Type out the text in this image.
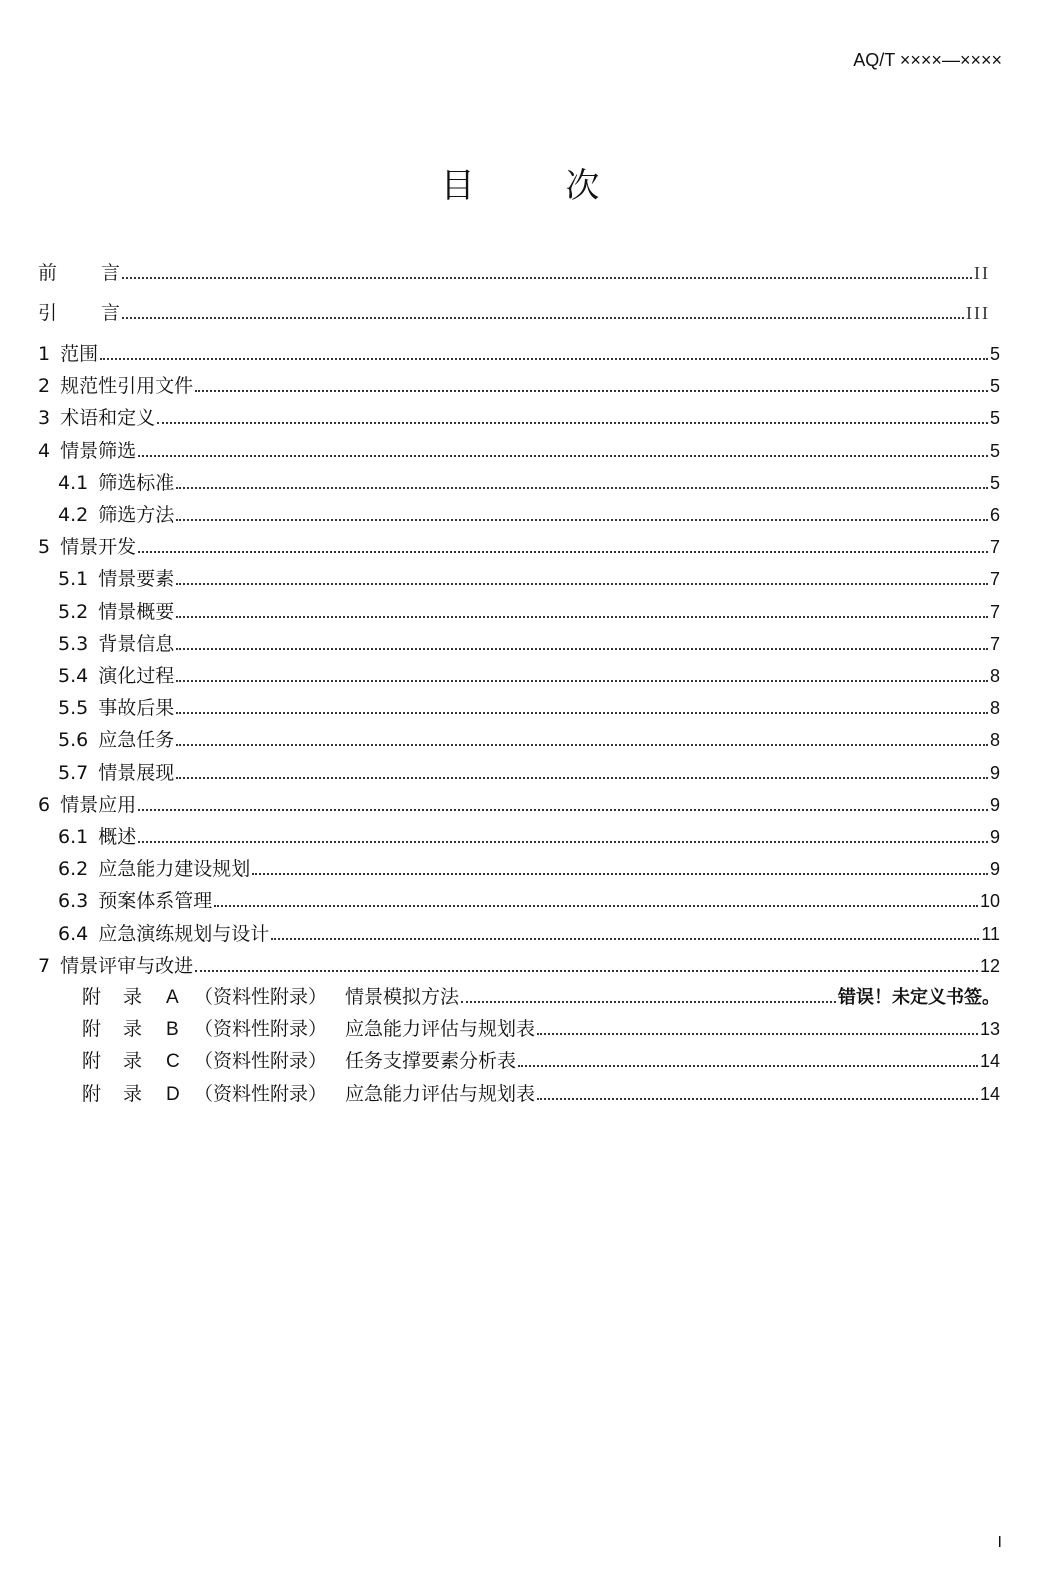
AQ/T ××××—××××
目	次
前 言	II
引 言	III
1 范围	5
2 规范性引用文件	5
3 术语和定义	5
4 情景筛选	5
4.1 筛选标准	5
4.2 筛选方法	6
5 情景开发	7
5.1 情景要素	7
5.2 情景概要	7
5.3 背景信息	7
5.4 演化过程	8
5.5 事故后果	8
5.6 应急任务	8
5.7 情景展现	9
6 情景应用	9
6.1 概述	9
6.2 应急能力建设规划	9
6.3 预案体系管理	10
6.4 应急演练规划与设计	11
7 情景评审与改进	12
附 录 A （资料性附录） 情景模拟方法	错误！未定义书签。
附 录 B （资料性附录） 应急能力评估与规划表	13
附 录 C （资料性附录） 任务支撑要素分析表	14
附 录 D （资料性附录） 应急能力评估与规划表	14
I
